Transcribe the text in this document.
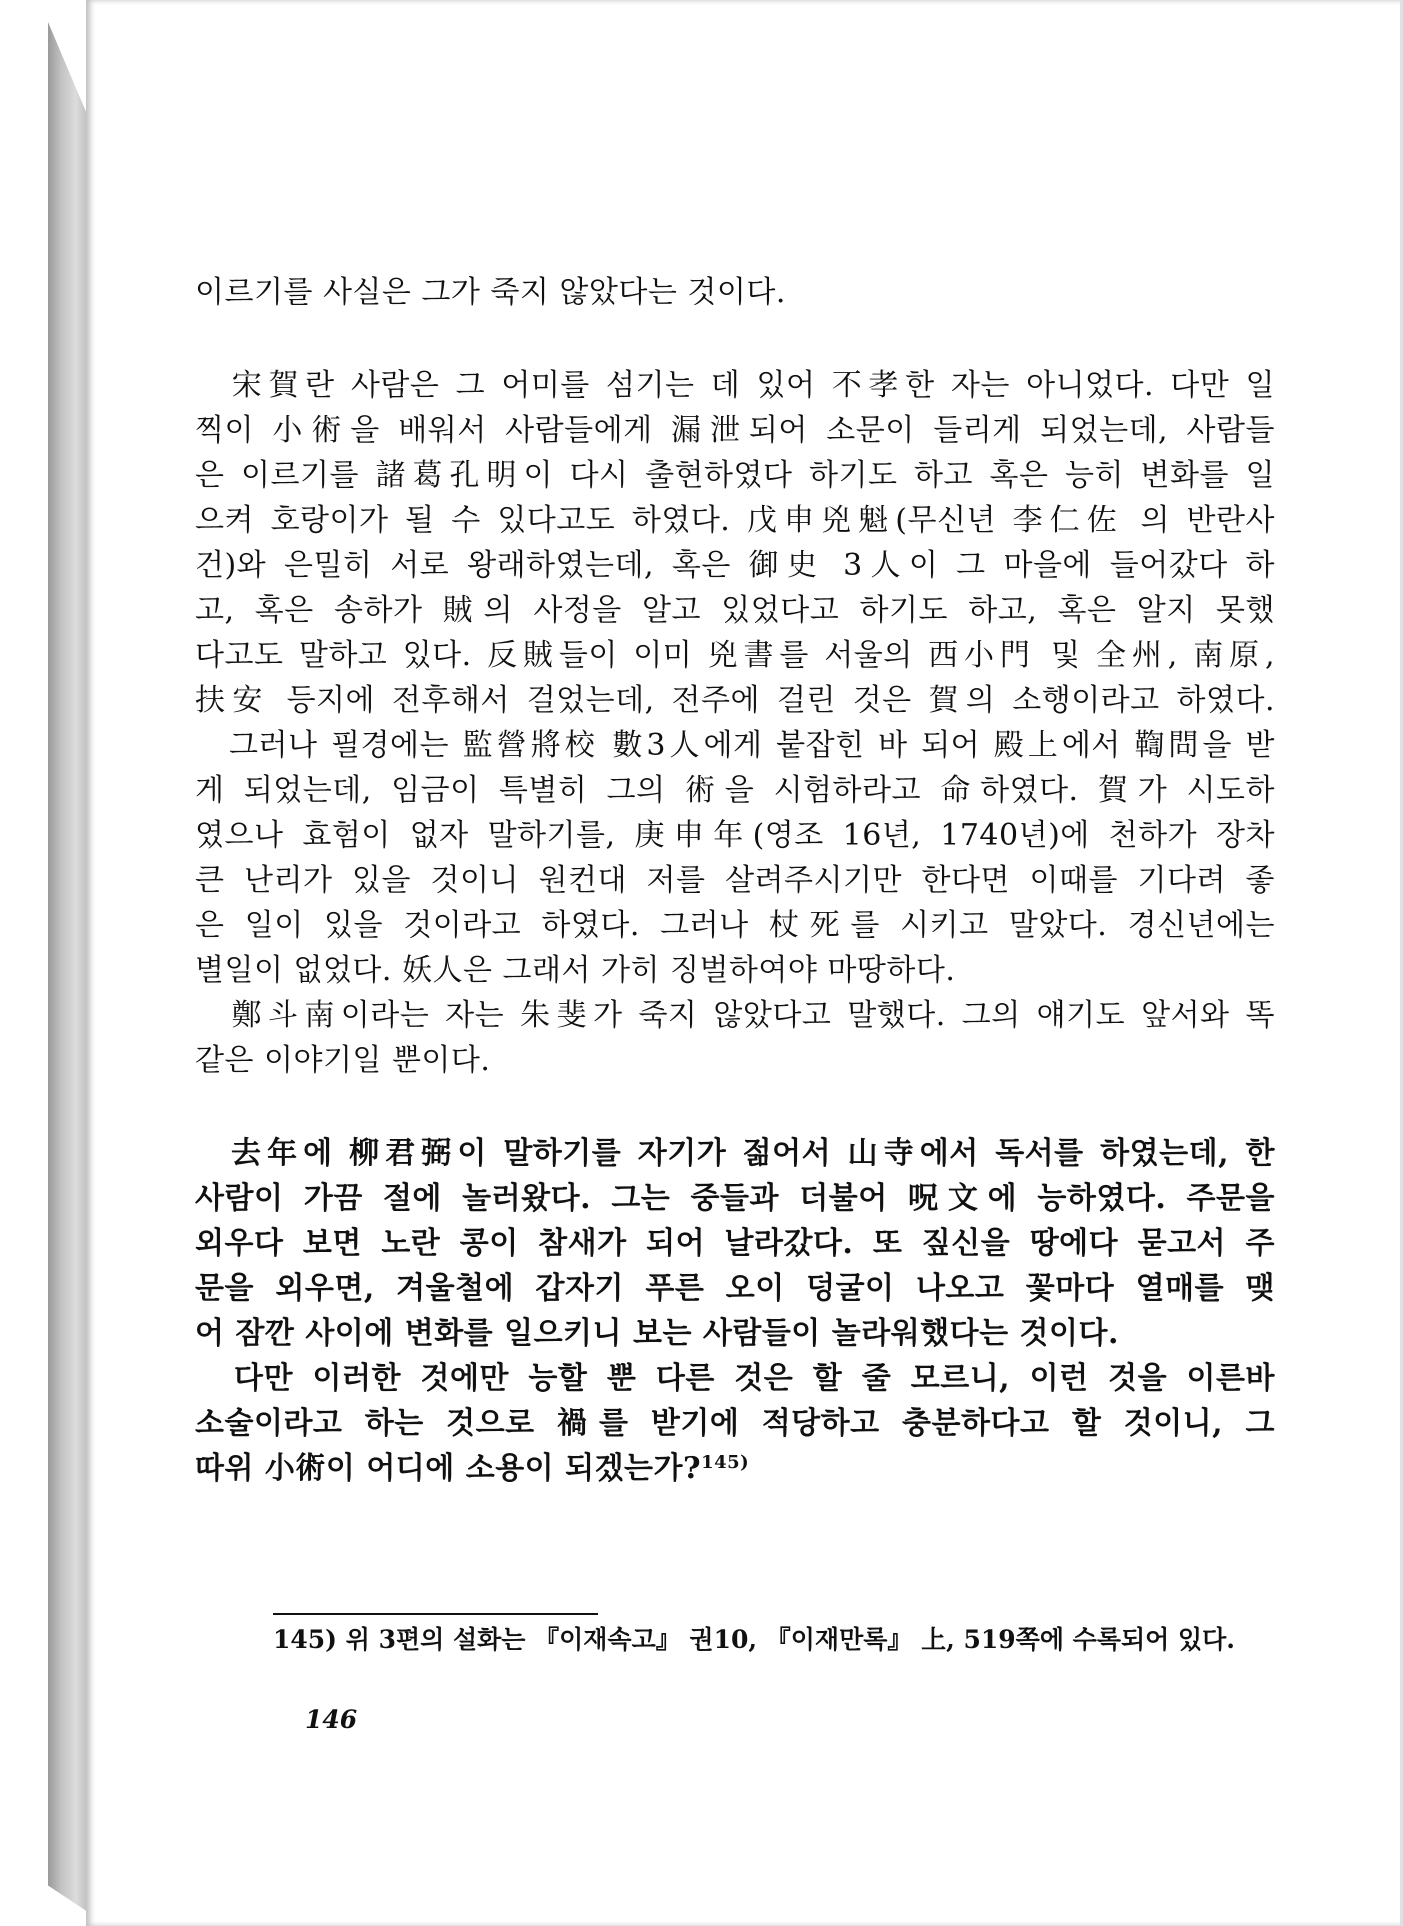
이르기를 사실은 그가 죽지 않았다는 것이다.
　宋賀란 사람은 그 어미를 섬기는 데 있어 不孝한 자는 아니었다. 다만 일
찍이 小術을 배워서 사람들에게 漏泄되어 소문이 들리게 되었는데, 사람들
은 이르기를 諸葛孔明이 다시 출현하였다 하기도 하고 혹은 능히 변화를 일
으켜 호랑이가 될 수 있다고도 하였다. 戊申兇魁(무신년 李仁佐 의 반란사
건)와 은밀히 서로 왕래하였는데, 혹은 御史 3人이 그 마을에 들어갔다 하
고, 혹은 송하가 賊의 사정을 알고 있었다고 하기도 하고, 혹은 알지 못했
다고도 말하고 있다. 反賊들이 이미 兇書를 서울의 西小門 및 全州, 南原,
扶安 등지에 전후해서 걸었는데, 전주에 걸린 것은 賀의 소행이라고 하였다.
　그러나 필경에는 監營將校 數3人에게 붙잡힌 바 되어 殿上에서 鞫問을 받
게 되었는데, 임금이 특별히 그의 術을 시험하라고 命하였다. 賀가 시도하
였으나 효험이 없자 말하기를, 庚申年(영조 16년, 1740년)에 천하가 장차
큰 난리가 있을 것이니 원컨대 저를 살려주시기만 한다면 이때를 기다려 좋
은 일이 있을 것이라고 하였다. 그러나 杖死를 시키고 말았다. 경신년에는
별일이 없었다. 妖人은 그래서 가히 징벌하여야 마땅하다.
　鄭斗南이라는 자는 朱斐가 죽지 않았다고 말했다. 그의 얘기도 앞서와 똑
같은 이야기일 뿐이다.
　去年에 柳君弼이 말하기를 자기가 젊어서 山寺에서 독서를 하였는데, 한
사람이 가끔 절에 놀러왔다. 그는 중들과 더불어 呪文에 능하였다. 주문을
외우다 보면 노란 콩이 참새가 되어 날라갔다. 또 짚신을 땅에다 묻고서 주
문을 외우면, 겨울철에 갑자기 푸른 오이 덩굴이 나오고 꽃마다 열매를 맺
어 잠깐 사이에 변화를 일으키니 보는 사람들이 놀라워했다는 것이다.
　다만 이러한 것에만 능할 뿐 다른 것은 할 줄 모르니, 이런 것을 이른바
소술이라고 하는 것으로 禍를 받기에 적당하고 충분하다고 할 것이니, 그
따위 小術이 어디에 소용이 되겠는가?$^{145)}$
145) 위 3편의 설화는 『이재속고』 권10, 『이재만록』 上, 519쪽에 수록되어 있다.
146
